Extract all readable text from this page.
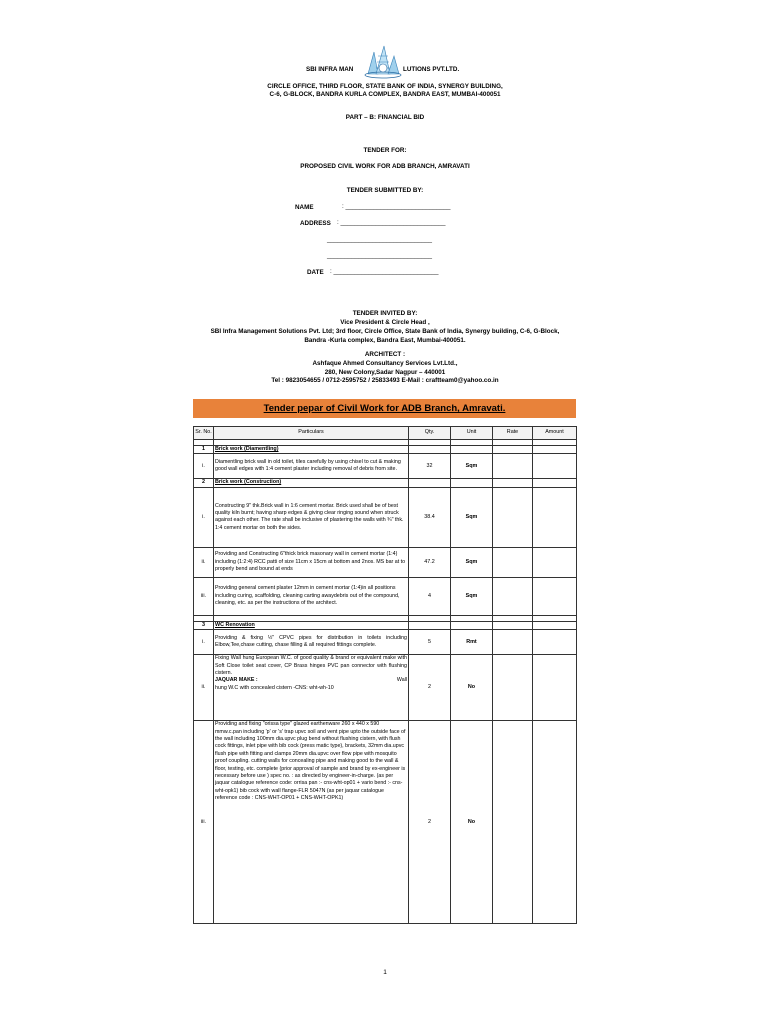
SBI INFRA MAN	LUTIONS PVT.LTD.
CIRCLE OFFICE, THIRD FLOOR, STATE BANK OF INDIA, SYNERGY BUILDING,
C-6, G-BLOCK, BANDRA KURLA COMPLEX, BANDRA EAST, MUMBAI-400051
PART – B: FINANCIAL BID
TENDER FOR:
PROPOSED CIVIL WORK FOR ADB BRANCH, AMRAVATI
TENDER SUBMITTED BY:
NAME	: ______________________________
ADDRESS : ______________________________
______________________________
______________________________
DATE : ______________________________
TENDER INVITED BY:
Vice President & Circle Head ,
SBI Infra Management Solutions Pvt. Ltd; 3rd floor, Circle Office, State Bank of India, Synergy building, C-6, G-Block,
Bandra -Kurla complex, Bandra East, Mumbai-400051.
ARCHITECT :
Ashfaque Ahmed Consultancy Services Lvt.Ltd.,
280, New Colony,Sadar Nagpur – 440001
Tel : 9823054655 / 0712-2595752 / 25833493 E-Mail : craftteam0@yahoo.co.in
Tender pepar of Civil Work for ADB Branch, Amravati.
Sr. No.	Particulars	Qty.	Unit	Rate	Amount

1	Brick work (Diamentling)				
i.	Diamentling brick wall in old toilet, tiles carefully by using chisel to cut & making good wall edges with 1:4 cement plaster including removal of debris from site.	32	Sqm		
2	Brick work (Construction)				
i.	Constructing 9" thk.Brick wall in 1:6 cement mortar. Brick used shall be of best quality kiln burnt; having sharp edges & giving clear ringing sound when struck against each other. The rate shall be inclusive of plastering the walls with ¾" thk. 1:4 cement mortar on both the sides.	38.4	Sqm		
ii.	Providing and Constructing 6"thick brick masonary wall in cement mortar (1:4) including (1:2:4) RCC patti of size 11cm x 15cm at bottom and 2nos. MS bar at to properly bend and bound at ends	47.2	Sqm		
iii.	Providing general cement plaster 12mm in cement mortar (1:4)in all positions including curing, scaffolding, cleaning carting awaydebris out of the compound, cleaning, etc. as per the instructions of the architect.	4	Sqm		

3	WC Renovation				
i.	Providing & fixing ½" CPVC pipes for distribution in toilets including Elbow,Tee,chase cutting, chase filling & all required fittings complete.	5	Rmt		
ii.	Fixing Wall hung European W.C. of good quality & brand or equivalent make with Soft Close toilet seat cover, CP Brass hinges PVC pan connector with flushing cistern.

JAQUAR MAKE : Wall
hung W.C with concealed cistern -CNS: wht-wh-10	2	No		
iii.	Providing and fixing "orissa type" glazed earthenware 260 x 440 x 590 mmw.c.pan including 'p' or 's' trap upvc soil and vent pipe upto the outside face of the wall including 100mm dia.upvc plug bend without flushing cistern, with flush cock fittings, inlet pipe with bib cock (press matic type), brackets, 32mm dia.upvc flush pipe with fitting and clamps 20mm dia.upvc over flow pipe with mosquito proof coupling. cutting walls for concealing pipe and making good to the wall & floor, testing, etc. complete (prior approval of sample and brand by ex-engineer is necessary before use ) spec no. : as directed by engineer-in-charge. (as per jaquar catalogue reference code: orrisa pan :- cns-wht-op01 + vario bend :- cns-wht-opk1) bib cock with wall flange-FLR 5047N (as per jaquar catalogue reference code : CNS-WHT-OP01 + CNS-WHT-OPK1)	2	No		
1
